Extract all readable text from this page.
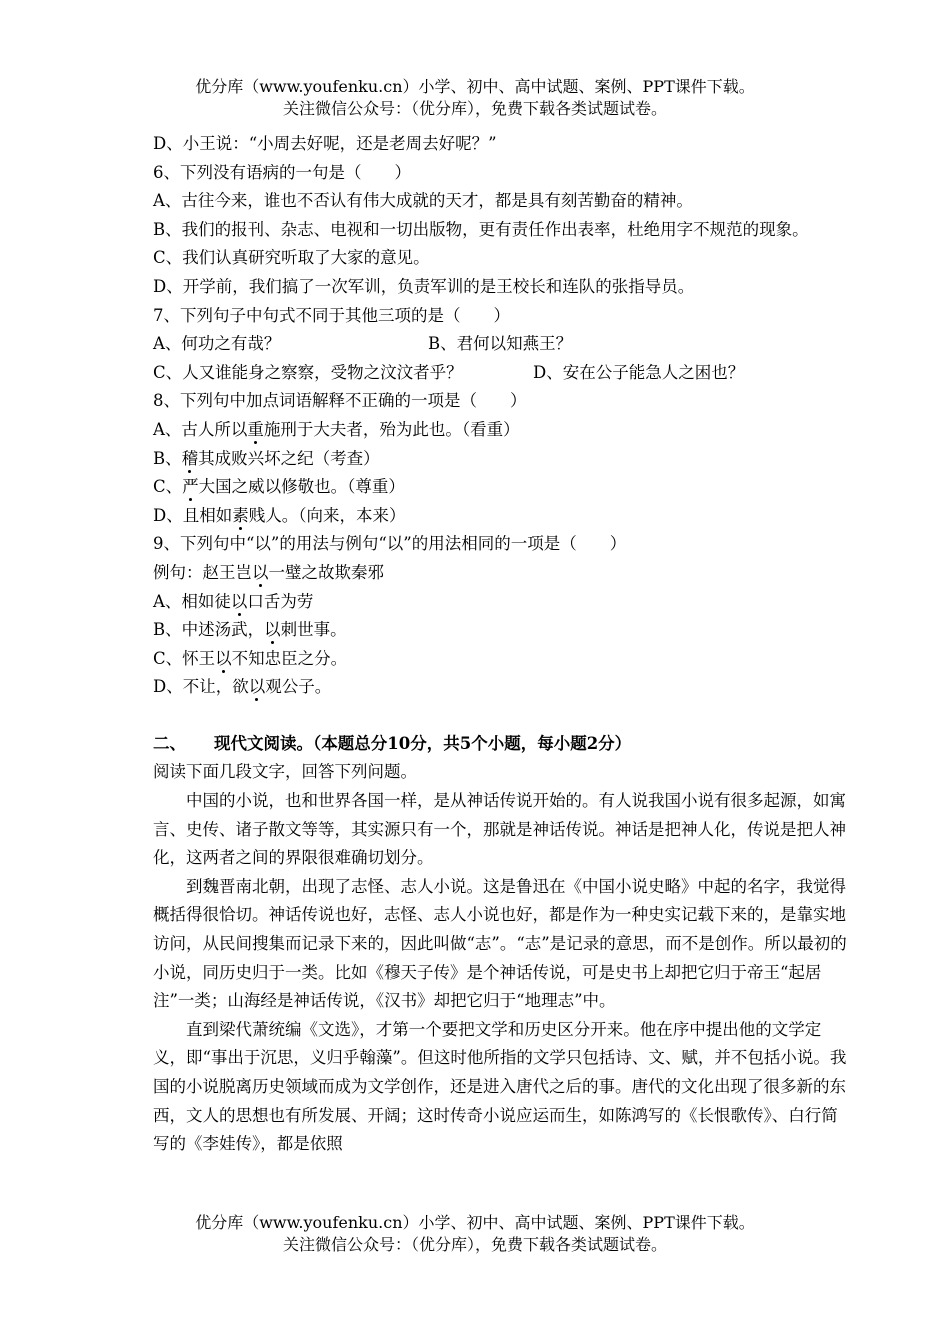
优分库（www.youfenku.cn）小学、初中、高中试题、案例、PPT课件下载。
关注微信公众号：（优分库），免费下载各类试题试卷。
D、小王说：“小周去好呢，还是老周去好呢？”
6、下列没有语病的一句是（　　）
A、古往今来，谁也不否认有伟大成就的天才，都是具有刻苦勤奋的精神。
B、我们的报刊、杂志、电视和一切出版物，更有责任作出表率，杜绝用字不规范的现象。
C、我们认真研究听取了大家的意见。
D、开学前，我们搞了一次军训，负责军训的是王校长和连队的张指导员。
7、下列句子中句式不同于其他三项的是（　　）
A、何功之有哉？	B、君何以知燕王？
C、人又谁能身之察察，受物之汶汶者乎？	D、安在公子能急人之困也？
8、下列句中加点词语解释不正确的一项是（　　）
A、古人所以重施刑于大夫者，殆为此也。（看重）
B、稽其成败兴坏之纪（考查）
C、严大国之威以修敬也。（尊重）
D、且相如素贱人。（向来，本来）
9、下列句中“以”的用法与例句“以”的用法相同的一项是（　　）
例句：赵王岂以一璧之故欺秦邪
A、相如徒以口舌为劳
B、中述汤武，以刺世事。
C、怀王以不知忠臣之分。
D、不让，欲以观公子。
二、 现代文阅读。（本题总分10分，共5个小题，每小题2分）
阅读下面几段文字，回答下列问题。
中国的小说，也和世界各国一样，是从神话传说开始的。有人说我国小说有很多起源，如寓言、史传、诸子散文等等，其实源只有一个，那就是神话传说。神话是把神人化，传说是把人神化，这两者之间的界限很难确切划分。
到魏晋南北朝，出现了志怪、志人小说。这是鲁迅在《中国小说史略》中起的名字，我觉得概括得很恰切。神话传说也好，志怪、志人小说也好，都是作为一种史实记载下来的，是靠实地访问，从民间搜集而记录下来的，因此叫做“志”。“志”是记录的意思，而不是创作。所以最初的小说，同历史归于一类。比如《穆天子传》是个神话传说，可是史书上却把它归于帝王“起居注”一类；山海经是神话传说，《汉书》却把它归于“地理志”中。
直到梁代萧统编《文选》，才第一个要把文学和历史区分开来。他在序中提出他的文学定义，即“事出于沉思，义归乎翰藻”。但这时他所指的文学只包括诗、文、赋，并不包括小说。我国的小说脱离历史领域而成为文学创作，还是进入唐代之后的事。唐代的文化出现了很多新的东西，文人的思想也有所发展、开阔；这时传奇小说应运而生，如陈鸿写的《长恨歌传》、白行简写的《李娃传》，都是依照
优分库（www.youfenku.cn）小学、初中、高中试题、案例、PPT课件下载。
关注微信公众号：（优分库），免费下载各类试题试卷。
